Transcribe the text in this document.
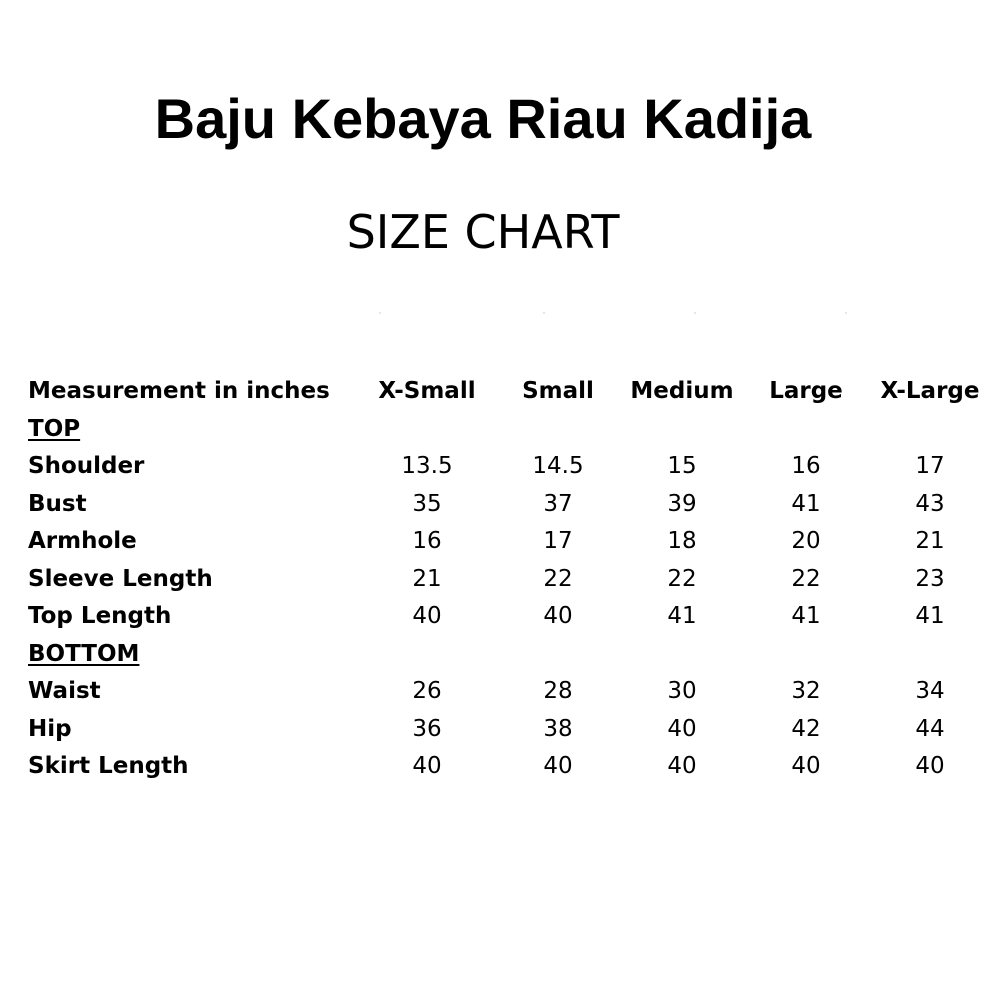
Baju Kebaya Riau Kadija
SIZE CHART
Measurement in inches	X-Small	Small	Medium	Large	X-Large
TOP
Shoulder	13.5	14.5	15	16	17
Bust	35	37	39	41	43
Armhole	16	17	18	20	21
Sleeve Length	21	22	22	22	23
Top Length	40	40	41	41	41
BOTTOM
Waist	26	28	30	32	34
Hip	36	38	40	42	44
Skirt Length	40	40	40	40	40
